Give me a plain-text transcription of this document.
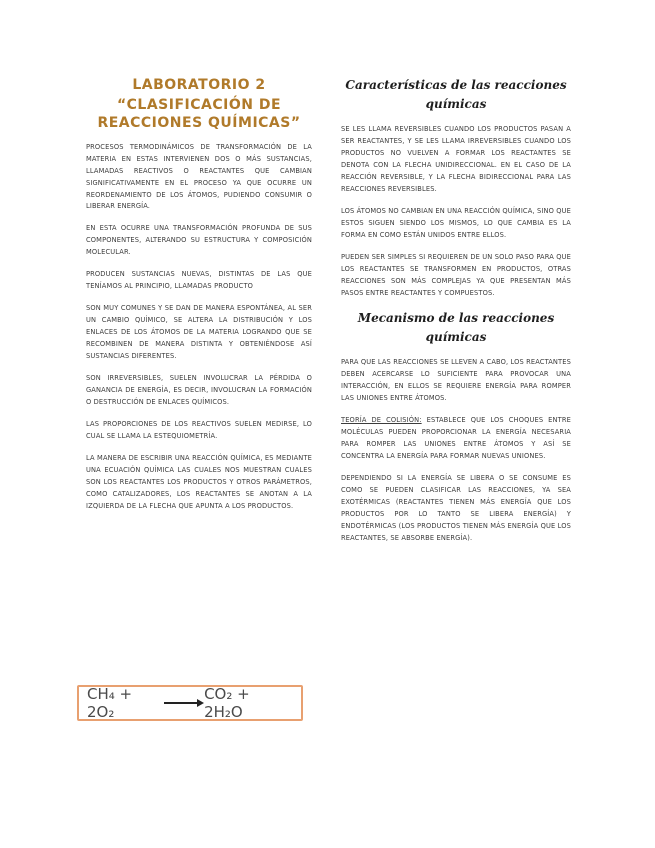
LABORATORIO 2
“CLASIFICACIÓN DE REACCIONES QUÍMICAS”

PROCESOS TERMODINÁMICOS DE TRANSFORMACIÓN DE LA MATERIA EN ESTAS INTERVIENEN DOS O MÁS SUSTANCIAS, LLAMADAS REACTIVOS O REACTANTES QUE CAMBIAN SIGNIFICATIVAMENTE EN EL PROCESO YA QUE OCURRE UN REORDENAMIENTO DE LOS ÁTOMOS, PUDIENDO CONSUMIR O LIBERAR ENERGÍA.

EN ESTA OCURRE UNA TRANSFORMACIÓN PROFUNDA DE SUS COMPONENTES, ALTERANDO SU ESTRUCTURA Y COMPOSICIÓN MOLECULAR.

PRODUCEN SUSTANCIAS NUEVAS, DISTINTAS DE LAS QUE TENÍAMOS AL PRINCIPIO, LLAMADAS PRODUCTO

SON MUY COMUNES Y SE DAN DE MANERA ESPONTÁNEA, AL SER UN CAMBIO QUÍMICO, SE ALTERA LA DISTRIBUCIÓN Y LOS ENLACES DE LOS ÁTOMOS DE LA MATERIA LOGRANDO QUE SE RECOMBINEN DE MANERA DISTINTA Y OBTENIÉNDOSE ASÍ SUSTANCIAS DIFERENTES.

SON IRREVERSIBLES, SUELEN INVOLUCRAR LA PÉRDIDA O GANANCIA DE ENERGÍA, ES DECIR, INVOLUCRAN LA FORMACIÓN O DESTRUCCIÓN DE ENLACES QUÍMICOS.

LAS PROPORCIONES DE LOS REACTIVOS SUELEN MEDIRSE, LO CUAL SE LLAMA LA ESTEQUIOMETRÍA.

LA MANERA DE ESCRIBIR UNA REACCIÓN QUÍMICA, ES MEDIANTE UNA ECUACIÓN QUÍMICA LAS CUALES NOS MUESTRAN CUALES SON LOS REACTANTES LOS PRODUCTOS Y OTROS PARÁMETROS, COMO CATALIZADORES, LOS REACTANTES SE ANOTAN A LA IZQUIERDA DE LA FLECHA QUE APUNTA A LOS PRODUCTOS.

CH₄ + 2O₂	→ CO₂ + 2H₂O
Características de las reacciones químicas

SE LES LLAMA REVERSIBLES CUANDO LOS PRODUCTOS PASAN A SER REACTANTES, Y SE LES LLAMA IRREVERSIBLES CUANDO LOS PRODUCTOS NO VUELVEN A FORMAR LOS REACTANTES SE DENOTA CON LA FLECHA UNIDIRECCIONAL. EN EL CASO DE LA REACCIÓN REVERSIBLE, Y LA FLECHA BIDIRECCIONAL PARA LAS REACCIONES REVERSIBLES.

LOS ÁTOMOS NO CAMBIAN EN UNA REACCIÓN QUÍMICA, SINO QUE ESTOS SIGUEN SIENDO LOS MISMOS, LO QUE CAMBIA ES LA FORMA EN COMO ESTÁN UNIDOS ENTRE ELLOS.

PUEDEN SER SIMPLES SI REQUIEREN DE UN SOLO PASO PARA QUE LOS REACTANTES SE TRANSFORMEN EN PRODUCTOS, OTRAS REACCIONES SON MÁS COMPLEJAS YA QUE PRESENTAN MÁS PASOS ENTRE REACTANTES Y COMPUESTOS.

Mecanismo de las reacciones químicas

PARA QUE LAS REACCIONES SE LLEVEN A CABO, LOS REACTANTES DEBEN ACERCARSE LO SUFICIENTE PARA PROVOCAR UNA INTERACCIÓN, EN ELLOS SE REQUIERE ENERGÍA PARA ROMPER LAS UNIONES ENTRE ÁTOMOS.

TEORÍA DE COLISIÓN: ESTABLECE QUE LOS CHOQUES ENTRE MOLÉCULAS PUEDEN PROPORCIONAR LA ENERGÍA NECESARIA PARA ROMPER LAS UNIONES ENTRE ÁTOMOS Y ASÍ SE CONCENTRA LA ENERGÍA PARA FORMAR NUEVAS UNIONES.

DEPENDIENDO SI LA ENERGÍA SE LIBERA O SE CONSUME ES COMO SE PUEDEN CLASIFICAR LAS REACCIONES, YA SEA EXOTÉRMICAS (REACTANTES TIENEN MÁS ENERGÍA QUE LOS PRODUCTOS POR LO TANTO SE LIBERA ENERGÍA) Y ENDOTÉRMICAS (LOS PRODUCTOS TIENEN MÁS ENERGÍA QUE LOS REACTANTES, SE ABSORBE ENERGÍA).
